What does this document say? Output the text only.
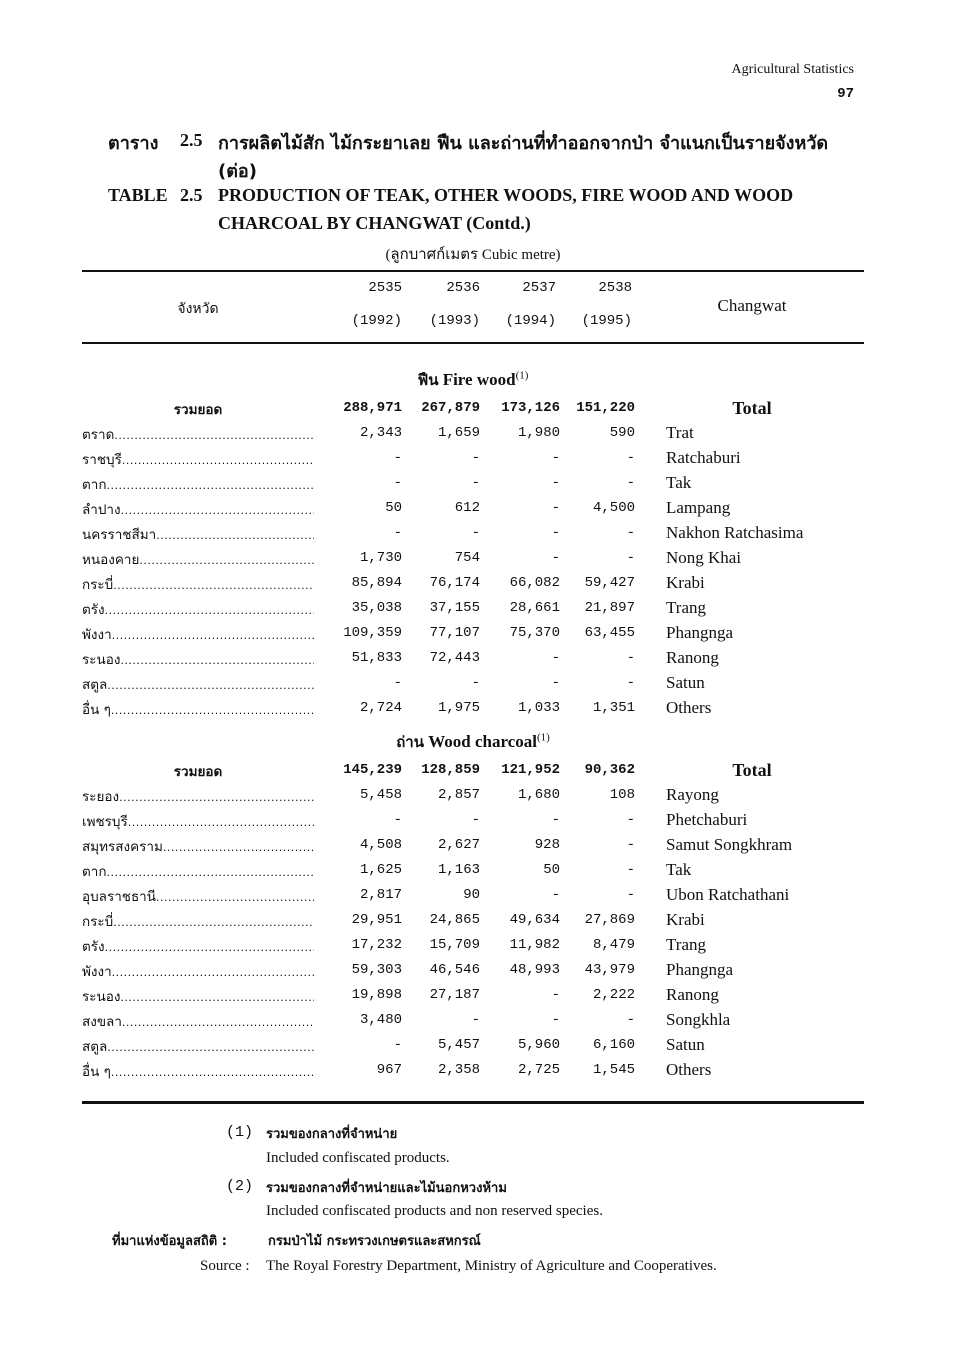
Agricultural Statistics
97
ตาราง 2.5 การผลิตไม้สัก ไม้กระยาเลย ฟืน และถ่านที่ทำออกจากป่า จำแนกเป็นรายจังหวัด
(ต่อ)
TABLE 2.5 PRODUCTION OF TEAK, OTHER WOODS, FIRE WOOD AND WOOD
CHARCOAL BY CHANGWAT (Contd.)
(ลูกบาศก์เมตร Cubic metre)
จังหวัด	Changwat
2535	2536	2537	2538
(1992)	(1993)	(1994)	(1995)
ฟืน Fire wood$^{(1)}$
รวมยอด	288,971	267,879	173,126	151,220	Total
ตราด .....	2,343	1,659	1,980	590 Trat
ราชบุรี .....	-	-	-	- Ratchaburi
ตาก .....	-	-	-	- Tak
ลำปาง .....	50	612	-	4,500 Lampang
นครราชสีมา .....	-	-	-	- Nakhon Ratchasima
หนองคาย .....	1,730	754	-	- Nong Khai
กระบี่ .....	85,894	76,174	66,082	59,427 Krabi
ตรัง .....	35,038	37,155	28,661	21,897 Trang
พังงา .....	109,359	77,107	75,370	63,455 Phangnga
ระนอง .....	51,833	72,443	-	- Ranong
สตูล .....	-	-	-	- Satun
อื่น ๆ .....	2,724	1,975	1,033	1,351 Others
ถ่าน Wood charcoal$^{(1)}$
รวมยอด	145,239	128,859	121,952	90,362	Total
ระยอง .....	5,458	2,857	1,680	108 Rayong
เพชรบุรี .....	-	-	-	- Phetchaburi
สมุทรสงคราม .....	4,508	2,627	928	- Samut Songkhram
ตาก .....	1,625	1,163	50	- Tak
อุบลราชธานี .....	2,817	90	-	- Ubon Ratchathani
กระบี่ .....	29,951	24,865	49,634	27,869 Krabi
ตรัง .....	17,232	15,709	11,982	8,479 Trang
พังงา .....	59,303	46,546	48,993	43,979 Phangnga
ระนอง .....	19,898	27,187	-	2,222 Ranong
สงขลา .....	3,480	-	-	- Songkhla
สตูล .....	-	5,457	5,960	6,160 Satun
อื่น ๆ .....	967	2,358	2,725	1,545 Others
(1) รวมของกลางที่จำหน่าย
Included confiscated products.
(2) รวมของกลางที่จำหน่ายและไม้นอกหวงห้าม
Included confiscated products and non reserved species.
ที่มาแห่งข้อมูลสถิติ :	กรมป่าไม้ กระทรวงเกษตรและสหกรณ์
Source : The Royal Forestry Department, Ministry of Agriculture and Cooperatives.
